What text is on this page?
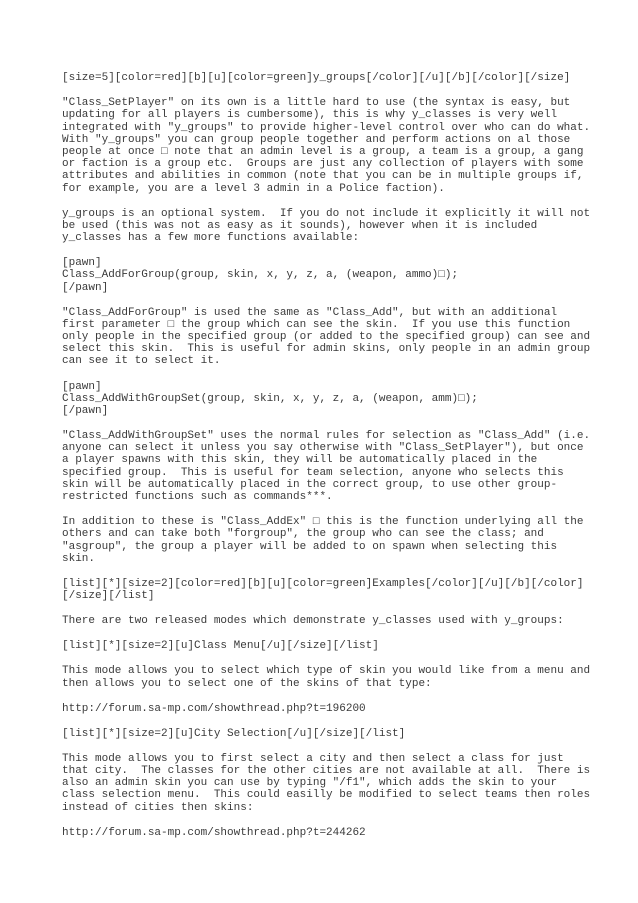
[size=5][color=red][b][u][color=green]y_groups[/color][/u][/b][/color][/size]
"Class_SetPlayer" on its own is a little hard to use (the syntax is easy, but
updating for all players is cumbersome), this is why y_classes is very well
integrated with "y_groups" to provide higher-level control over who can do what.
With "y_groups" you can group people together and perform actions on al those
people at once □ note that an admin level is a group, a team is a group, a gang
or faction is a group etc.  Groups are just any collection of players with some
attributes and abilities in common (note that you can be in multiple groups if,
for example, you are a level 3 admin in a Police faction).
y_groups is an optional system.  If you do not include it explicitly it will not
be used (this was not as easy as it sounds), however when it is included
y_classes has a few more functions available:
[pawn]
Class_AddForGroup(group, skin, x, y, z, a, (weapon, ammo)□);
[/pawn]
"Class_AddForGroup" is used the same as "Class_Add", but with an additional
first parameter □ the group which can see the skin.  If you use this function
only people in the specified group (or added to the specified group) can see and
select this skin.  This is useful for admin skins, only people in an admin group
can see it to select it.
[pawn]
Class_AddWithGroupSet(group, skin, x, y, z, a, (weapon, amm)□);
[/pawn]
"Class_AddWithGroupSet" uses the normal rules for selection as "Class_Add" (i.e.
anyone can select it unless you say otherwise with "Class_SetPlayer"), but once
a player spawns with this skin, they will be automatically placed in the
specified group.  This is useful for team selection, anyone who selects this
skin will be automatically placed in the correct group, to use other group-
restricted functions such as commands***.
In addition to these is "Class_AddEx" □ this is the function underlying all the
others and can take both "forgroup", the group who can see the class; and
"asgroup", the group a player will be added to on spawn when selecting this
skin.
[list][*][size=2][color=red][b][u][color=green]Examples[/color][/u][/b][/color]
[/size][/list]
There are two released modes which demonstrate y_classes used with y_groups:
[list][*][size=2][u]Class Menu[/u][/size][/list]
This mode allows you to select which type of skin you would like from a menu and
then allows you to select one of the skins of that type:
http://forum.sa-mp.com/showthread.php?t=196200
[list][*][size=2][u]City Selection[/u][/size][/list]
This mode allows you to first select a city and then select a class for just
that city.  The classes for the other cities are not available at all.  There is
also an admin skin you can use by typing "/f1", which adds the skin to your
class selection menu.  This could easilly be modified to select teams then roles
instead of cities then skins:
http://forum.sa-mp.com/showthread.php?t=244262
